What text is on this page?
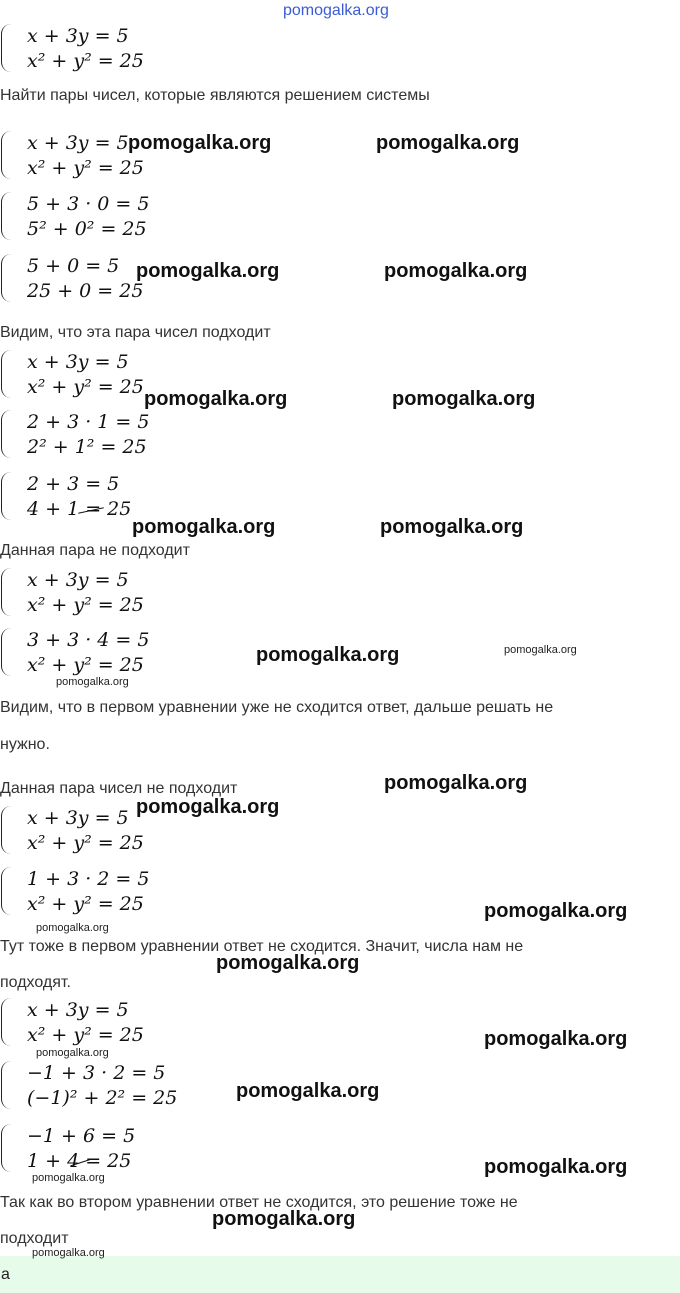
pomogalka.org
x + 3y = 5
x² + y² = 25
Найти пары чисел, которые являются решением системы
x + 3y = 5
x² + y² = 25
5 + 3 · 0 = 5
5² + 0² = 25
5 + 0 = 5
25 + 0 = 25
Видим, что эта пара чисел подходит
x + 3y = 5
x² + y² = 25
2 + 3 · 1 = 5
2² + 1² = 25
2 + 3 = 5
4 + 1 = 25
Данная пара не подходит
x + 3y = 5
x² + y² = 25
3 + 3 · 4 = 5
x² + y² = 25
Видим, что в первом уравнении уже не сходится ответ, дальше решать не
нужно.
Данная пара чисел не подходит
x + 3y = 5
x² + y² = 25
1 + 3 · 2 = 5
x² + y² = 25
Тут тоже в первом уравнении ответ не сходится. Значит, числа нам не
подходят.
x + 3y = 5
x² + y² = 25
−1 + 3 · 2 = 5
(−1)² + 2² = 25
−1 + 6 = 5
1 + 4 = 25
Так как во втором уравнении ответ не сходится, это решение тоже не
подходит
а
pomogalka.org	pomogalka.org
pomogalka.org	pomogalka.org
pomogalka.org	pomogalka.org
pomogalka.org	pomogalka.org
pomogalka.org
pomogalka.org
pomogalka.org
pomogalka.org
pomogalka.org
pomogalka.org
pomogalka.org
pomogalka.org
pomogalka.org
pomogalka.org
pomogalka.org
pomogalka.org
pomogalka.org
pomogalka.org
pomogalka.org
